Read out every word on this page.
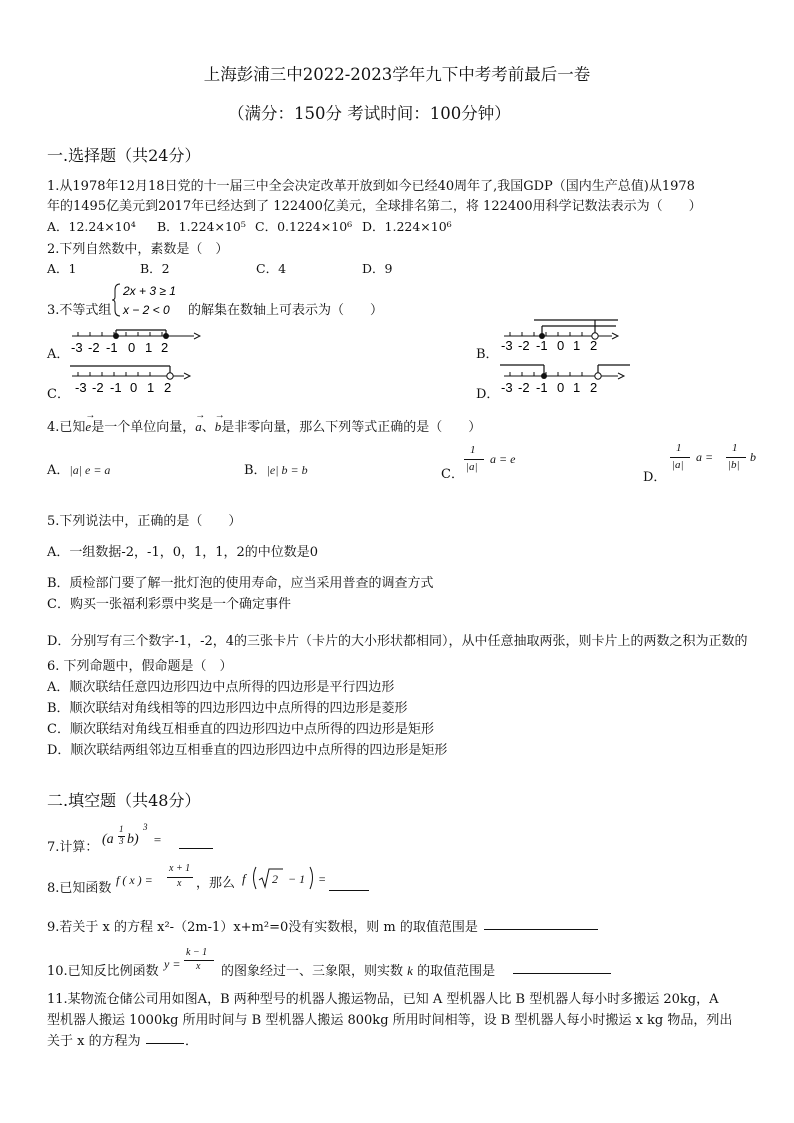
上海彭浦三中2022-2023学年九下中考考前最后一卷
（满分：150分 考试时间：100分钟）
一.选择题（共24分）
1.从1978年12月18日党的十一届三中全会决定改革开放到如今已经40周年了,我国GDP（国内生产总值)从1978
年的1495亿美元到2017年已经达到了 122400亿美元，全球排名第二，将 122400用科学记数法表示为（　　）
A．12.24×10⁴ B．1.224×10⁵ C．0.1224×10⁶ D．1.224×10⁶
2.下列自然数中，素数是（　）
A．1	B．2	C．4	D．9
3.不等式组
2x + 3 ≥ 1
x − 2 < 0 的解集在数轴上可表示为（　　）
A． -3 -2 -1 0 1 2	B．
-3 -2 -1 0 1 2
C． -3 -2 -1 0 1 2	D． -3 -2 -1 0 1 2
4.已知
→
e是一个单位向量，
→
a、
→
b是非零向量，那么下列等式正确的是（　　）
A．|a| e = a	B．|e| b = b	C．
1
|a|
a = e
D．
1
|a|
a =
1
|b|
b
5.下列说法中，正确的是（　　）
A．一组数据-2，-1，0，1，1，2的中位数是0
B．质检部门要了解一批灯泡的使用寿命，应当采用普查的调查方式
C．购买一张福利彩票中奖是一个确定事件
D．分别写有三个数字-1，-2，4的三张卡片（卡片的大小形状都相同），从中任意抽取两张，则卡片上的两数之积为正数的
6. 下列命题中，假命题是（　）
A．顺次联结任意四边形四边中点所得的四边形是平行四边形
B．顺次联结对角线相等的四边形四边中点所得的四边形是菱形
C．顺次联结对角线互相垂直的四边形四边中点所得的四边形是矩形
D．顺次联结两组邻边互相垂直的四边形四边中点所得的四边形是矩形
二.填空题（共48分）
7.计算：
(a
1
3 b)
3
=
8.已知函数
f ( x ) =
x + 1
x ，那么 f 2 − 1 =
9.若关于 x 的方程 x²-（2m-1）x+m²=0没有实数根，则 m 的取值范围是
10.已知反比例函数 y =
k − 1
x 的图象经过一、三象限，则实数 k 的取值范围是
11.某物流仓储公司用如图A，B 两种型号的机器人搬运物品，已知 A 型机器人比 B 型机器人每小时多搬运 20kg，A
型机器人搬运 1000kg 所用时间与 B 型机器人搬运 800kg 所用时间相等，设 B 型机器人每小时搬运 x kg 物品，列出
关于 x 的方程为	．
